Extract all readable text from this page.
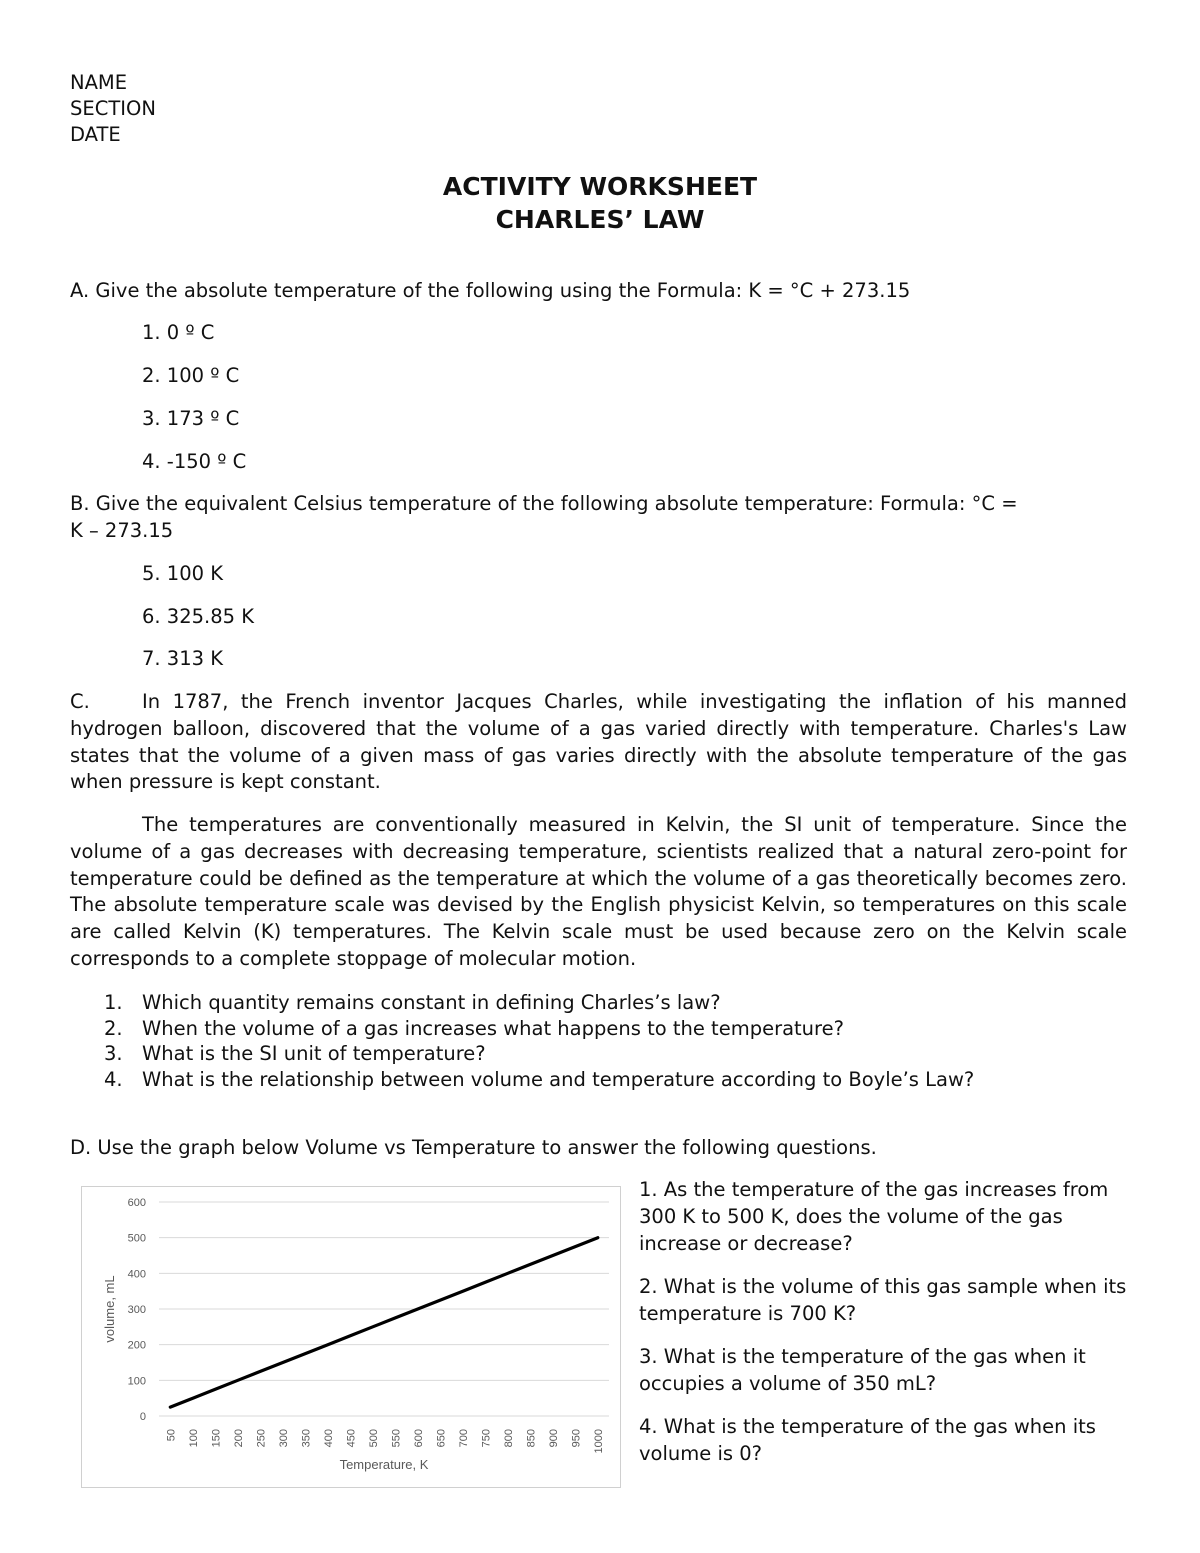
NAME
SECTION
DATE
ACTIVITY WORKSHEET
CHARLES’ LAW
A. Give the absolute temperature of the following using the Formula: K = °C + 273.15
1. 0 º C
2. 100 º C
3. 173 º C
4. -150 º C
B. Give the equivalent Celsius temperature of the following absolute temperature: Formula: °C =
K – 273.15
5. 100 K
6. 325.85 K
7. 313 K

C.	In 1787, the French inventor Jacques Charles, while investigating the inflation of his manned hydrogen balloon, discovered that the volume of a gas varied directly with temperature. Charles's Law states that the volume of a given mass of gas varies directly with the absolute temperature of the gas when pressure is kept constant.

The temperatures are conventionally measured in Kelvin, the SI unit of temperature. Since the volume of a gas decreases with decreasing temperature, scientists realized that a natural zero-point for temperature could be defined as the temperature at which the volume of a gas theoretically becomes zero. The absolute temperature scale was devised by the English physicist Kelvin, so temperatures on this scale are called Kelvin (K) temperatures. The Kelvin scale must be used because zero on the Kelvin scale corresponds to a complete stoppage of molecular motion.

1. Which quantity remains constant in defining Charles’s law?
2. When the volume of a gas increases what happens to the temperature?
3. What is the SI unit of temperature?
4. What is the relationship between volume and temperature according to Boyle’s Law?
D. Use the graph below Volume vs Temperature to answer the following questions.
0
100
200
300
400
500
600
50 100 150 200 250 300 350 400 450 500 550 600 650 700 750 800 850 900 950 1000
Temperature, K
volume, mL

1. As the temperature of the gas increases from 300 K to 500 K, does the volume of the gas increase or decrease?

2. What is the volume of this gas sample when its temperature is 700 K?

3. What is the temperature of the gas when it occupies a volume of 350 mL?

4. What is the temperature of the gas when its volume is 0?
